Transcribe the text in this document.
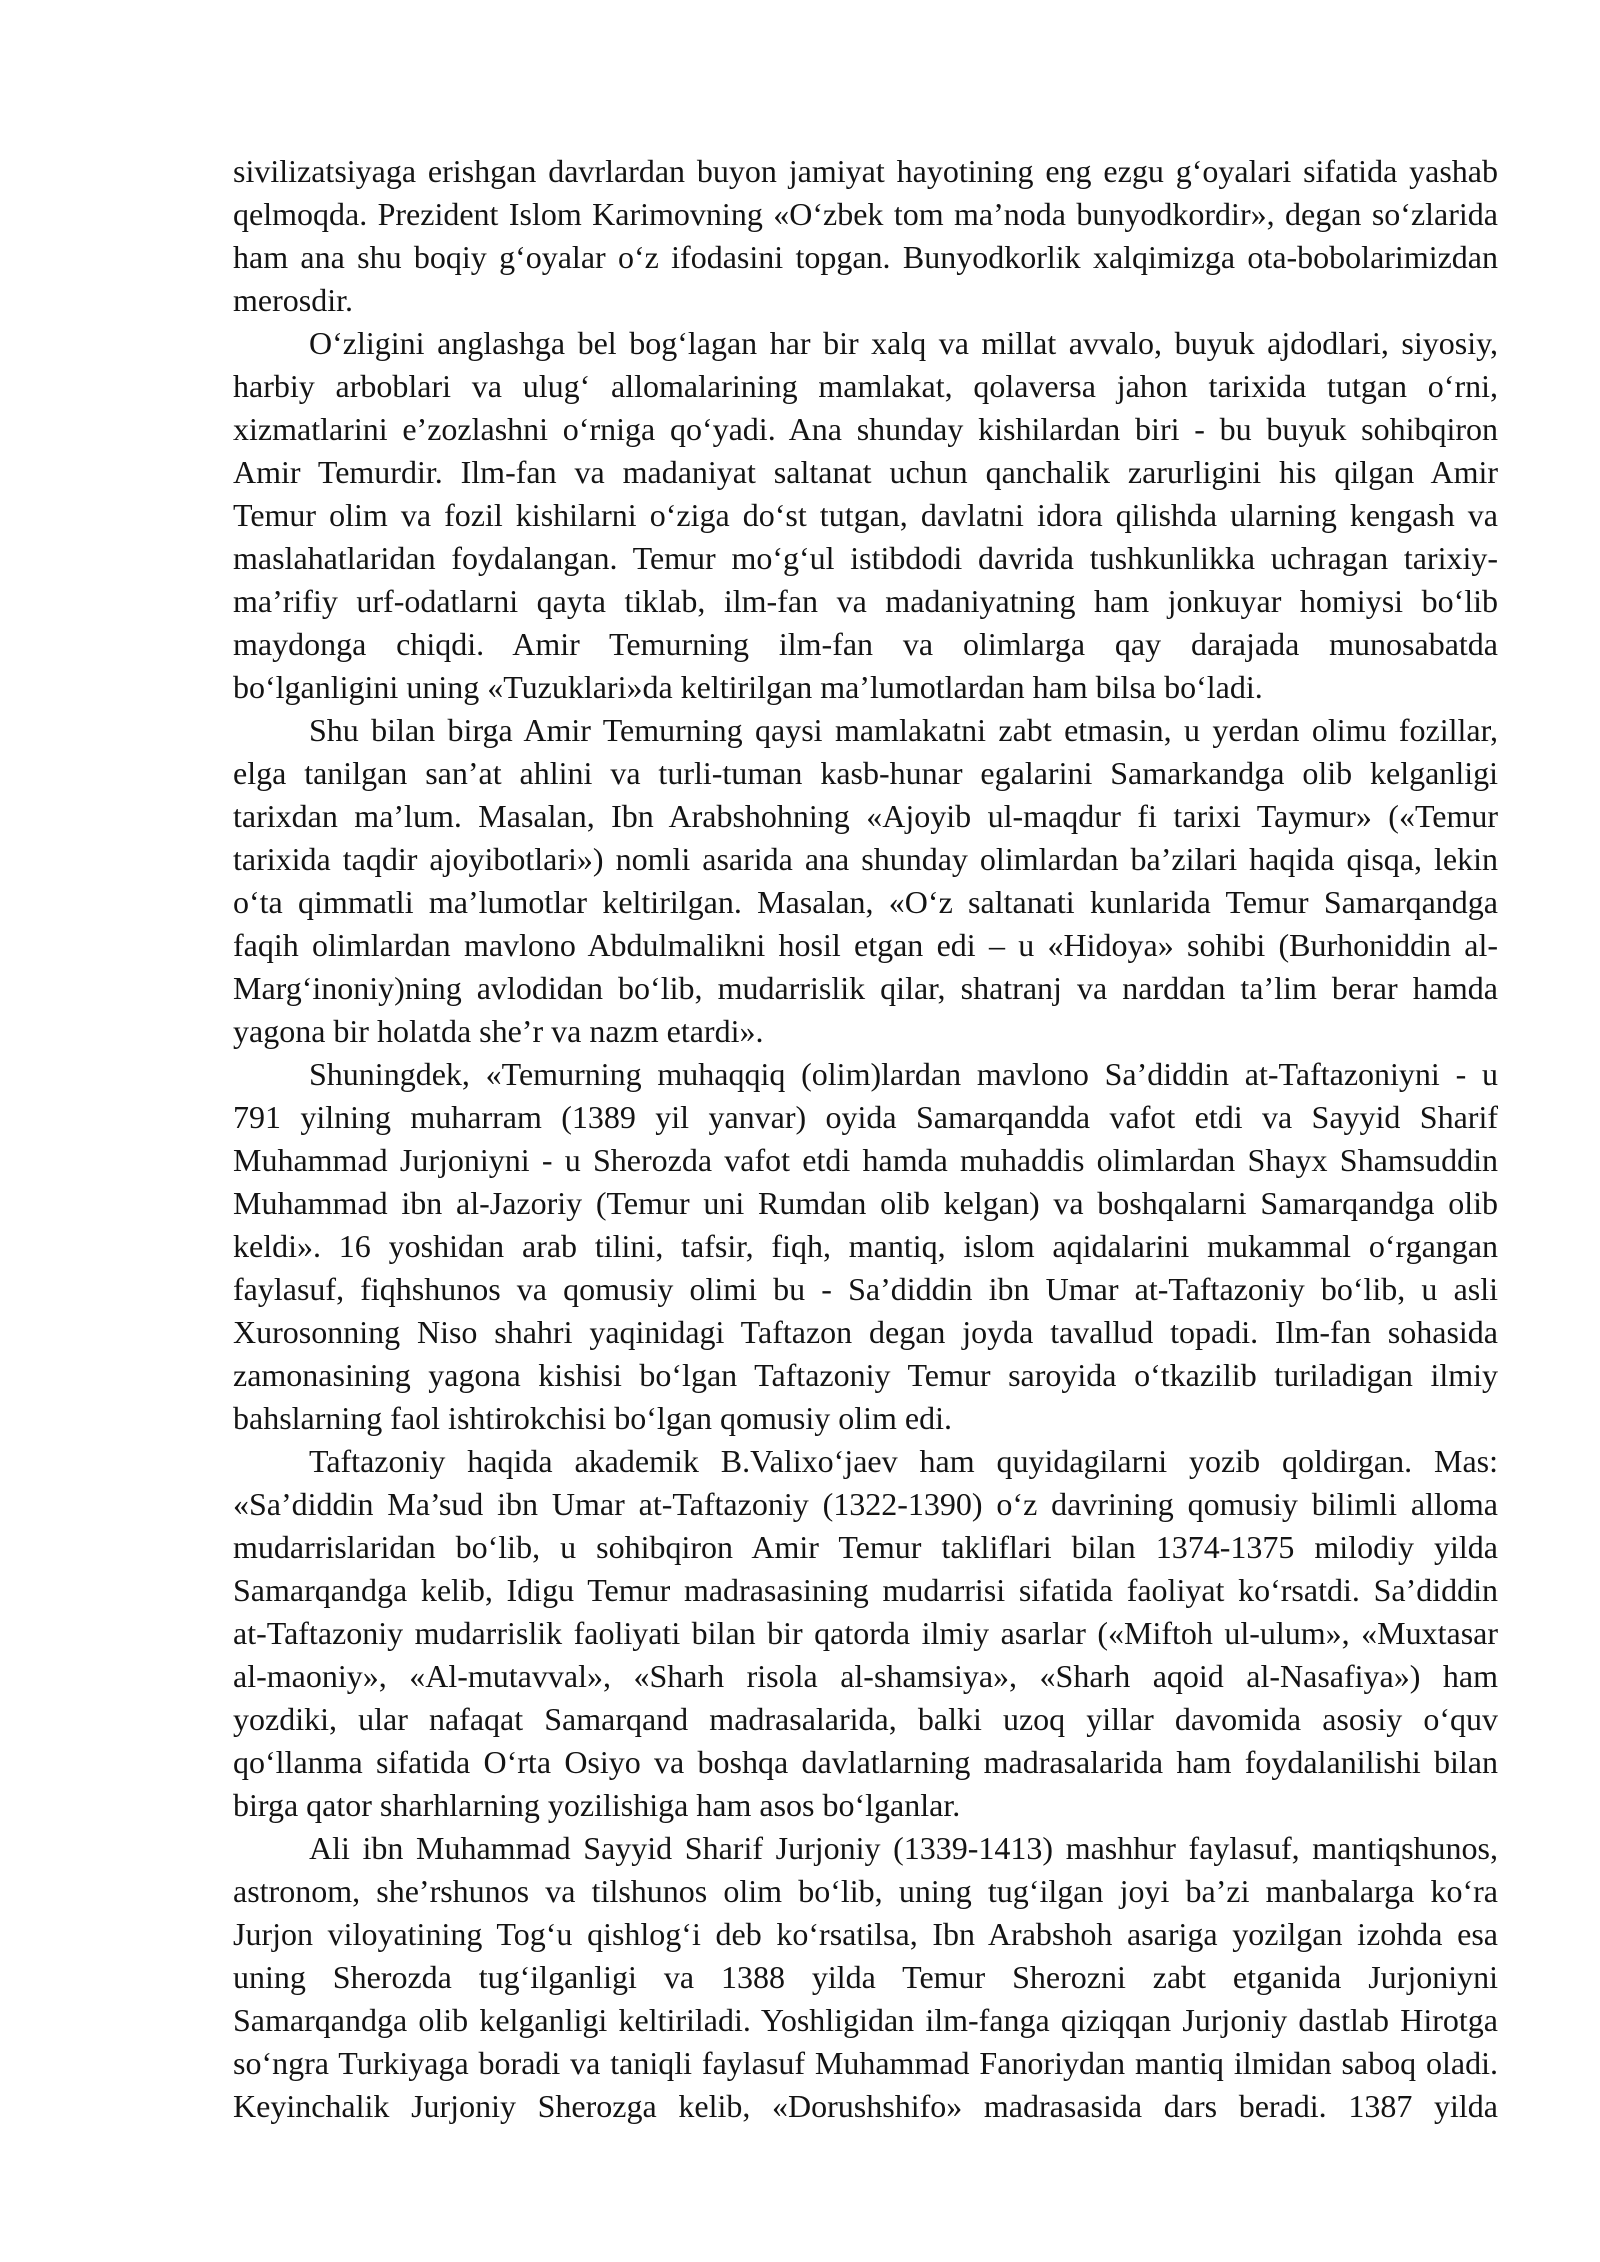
sivilizatsiyaga erishgan davrlardan buyon jamiyat hayotining eng ezgu g‘oyalari sifatida yashab
qelmoqda. Prezident Islom Karimovning «O‘zbek tom ma’noda bunyodkordir», degan so‘zlarida
ham ana shu boqiy g‘oyalar o‘z ifodasini topgan. Bunyodkorlik xalqimizga ota-bobolarimizdan
merosdir.
O‘zligini anglashga bel bog‘lagan har bir xalq va millat avvalo, buyuk ajdodlari, siyosiy,
harbiy arboblari va ulug‘ allomalarining mamlakat, qolaversa jahon tarixida tutgan o‘rni,
xizmatlarini e’zozlashni o‘rniga qo‘yadi. Ana shunday kishilardan biri - bu buyuk sohibqiron
Amir Temurdir. Ilm-fan va madaniyat saltanat uchun qanchalik zarurligini his qilgan Amir
Temur olim va fozil kishilarni o‘ziga do‘st tutgan, davlatni idora qilishda ularning kengash va
maslahatlaridan foydalangan. Temur mo‘g‘ul istibdodi davrida tushkunlikka uchragan tarixiy-
ma’rifiy urf-odatlarni qayta tiklab, ilm-fan va madaniyatning ham jonkuyar homiysi bo‘lib
maydonga chiqdi. Amir Temurning ilm-fan va olimlarga qay darajada munosabatda
bo‘lganligini uning «Tuzuklari»da keltirilgan ma’lumotlardan ham bilsa bo‘ladi.
Shu bilan birga Amir Temurning qaysi mamlakatni zabt etmasin, u yerdan olimu fozillar,
elga tanilgan san’at ahlini va turli-tuman kasb-hunar egalarini Samarkandga olib kelganligi
tarixdan ma’lum. Masalan, Ibn Arabshohning «Ajoyib ul-maqdur fi tarixi Taymur» («Temur
tarixida taqdir ajoyibotlari») nomli asarida ana shunday olimlardan ba’zilari haqida qisqa, lekin
o‘ta qimmatli ma’lumotlar keltirilgan. Masalan, «O‘z saltanati kunlarida Temur Samarqandga
faqih olimlardan mavlono Abdulmalikni hosil etgan edi – u «Hidoya» sohibi (Burhoniddin al-
Marg‘inoniy)ning avlodidan bo‘lib, mudarrislik qilar, shatranj va narddan ta’lim berar hamda
yagona bir holatda she’r va nazm etardi».
Shuningdek, «Temurning muhaqqiq (olim)lardan mavlono Sa’diddin at-Taftazoniyni - u
791 yilning muharram (1389 yil yanvar) oyida Samarqandda vafot etdi va Sayyid Sharif
Muhammad Jurjoniyni - u Sherozda vafot etdi hamda muhaddis olimlardan Shayx Shamsuddin
Muhammad ibn al-Jazoriy (Temur uni Rumdan olib kelgan) va boshqalarni Samarqandga olib
keldi». 16 yoshidan arab tilini, tafsir, fiqh, mantiq, islom aqidalarini mukammal o‘rgangan
faylasuf, fiqhshunos va qomusiy olimi bu - Sa’diddin ibn Umar at-Taftazoniy bo‘lib, u asli
Xurosonning Niso shahri yaqinidagi Taftazon degan joyda tavallud topadi. Ilm-fan sohasida
zamonasining yagona kishisi bo‘lgan Taftazoniy Temur saroyida o‘tkazilib turiladigan ilmiy
bahslarning faol ishtirokchisi bo‘lgan qomusiy olim edi.
Taftazoniy haqida akademik B.Valixo‘jaev ham quyidagilarni yozib qoldirgan. Mas:
«Sa’diddin Ma’sud ibn Umar at-Taftazoniy (1322-1390) o‘z davrining qomusiy bilimli alloma
mudarrislaridan bo‘lib, u sohibqiron Amir Temur takliflari bilan 1374-1375 milodiy yilda
Samarqandga kelib, Idigu Temur madrasasining mudarrisi sifatida faoliyat ko‘rsatdi. Sa’diddin
at-Taftazoniy mudarrislik faoliyati bilan bir qatorda ilmiy asarlar («Miftoh ul-ulum», «Muxtasar
al-maoniy», «Al-mutavval», «Sharh risola al-shamsiya», «Sharh aqoid al-Nasafiya») ham
yozdiki, ular nafaqat Samarqand madrasalarida, balki uzoq yillar davomida asosiy o‘quv
qo‘llanma sifatida O‘rta Osiyo va boshqa davlatlarning madrasalarida ham foydalanilishi bilan
birga qator sharhlarning yozilishiga ham asos bo‘lganlar.
Ali ibn Muhammad Sayyid Sharif Jurjoniy (1339-1413) mashhur faylasuf, mantiqshunos,
astronom, she’rshunos va tilshunos olim bo‘lib, uning tug‘ilgan joyi ba’zi manbalarga ko‘ra
Jurjon viloyatining Tog‘u qishlog‘i deb ko‘rsatilsa, Ibn Arabshoh asariga yozilgan izohda esa
uning Sherozda tug‘ilganligi va 1388 yilda Temur Sherozni zabt etganida Jurjoniyni
Samarqandga olib kelganligi keltiriladi. Yoshligidan ilm-fanga qiziqqan Jurjoniy dastlab Hirotga
so‘ngra Turkiyaga boradi va taniqli faylasuf Muhammad Fanoriydan mantiq ilmidan saboq oladi.
Keyinchalik Jurjoniy Sherozga kelib, «Dorushshifo» madrasasida dars beradi. 1387 yilda
